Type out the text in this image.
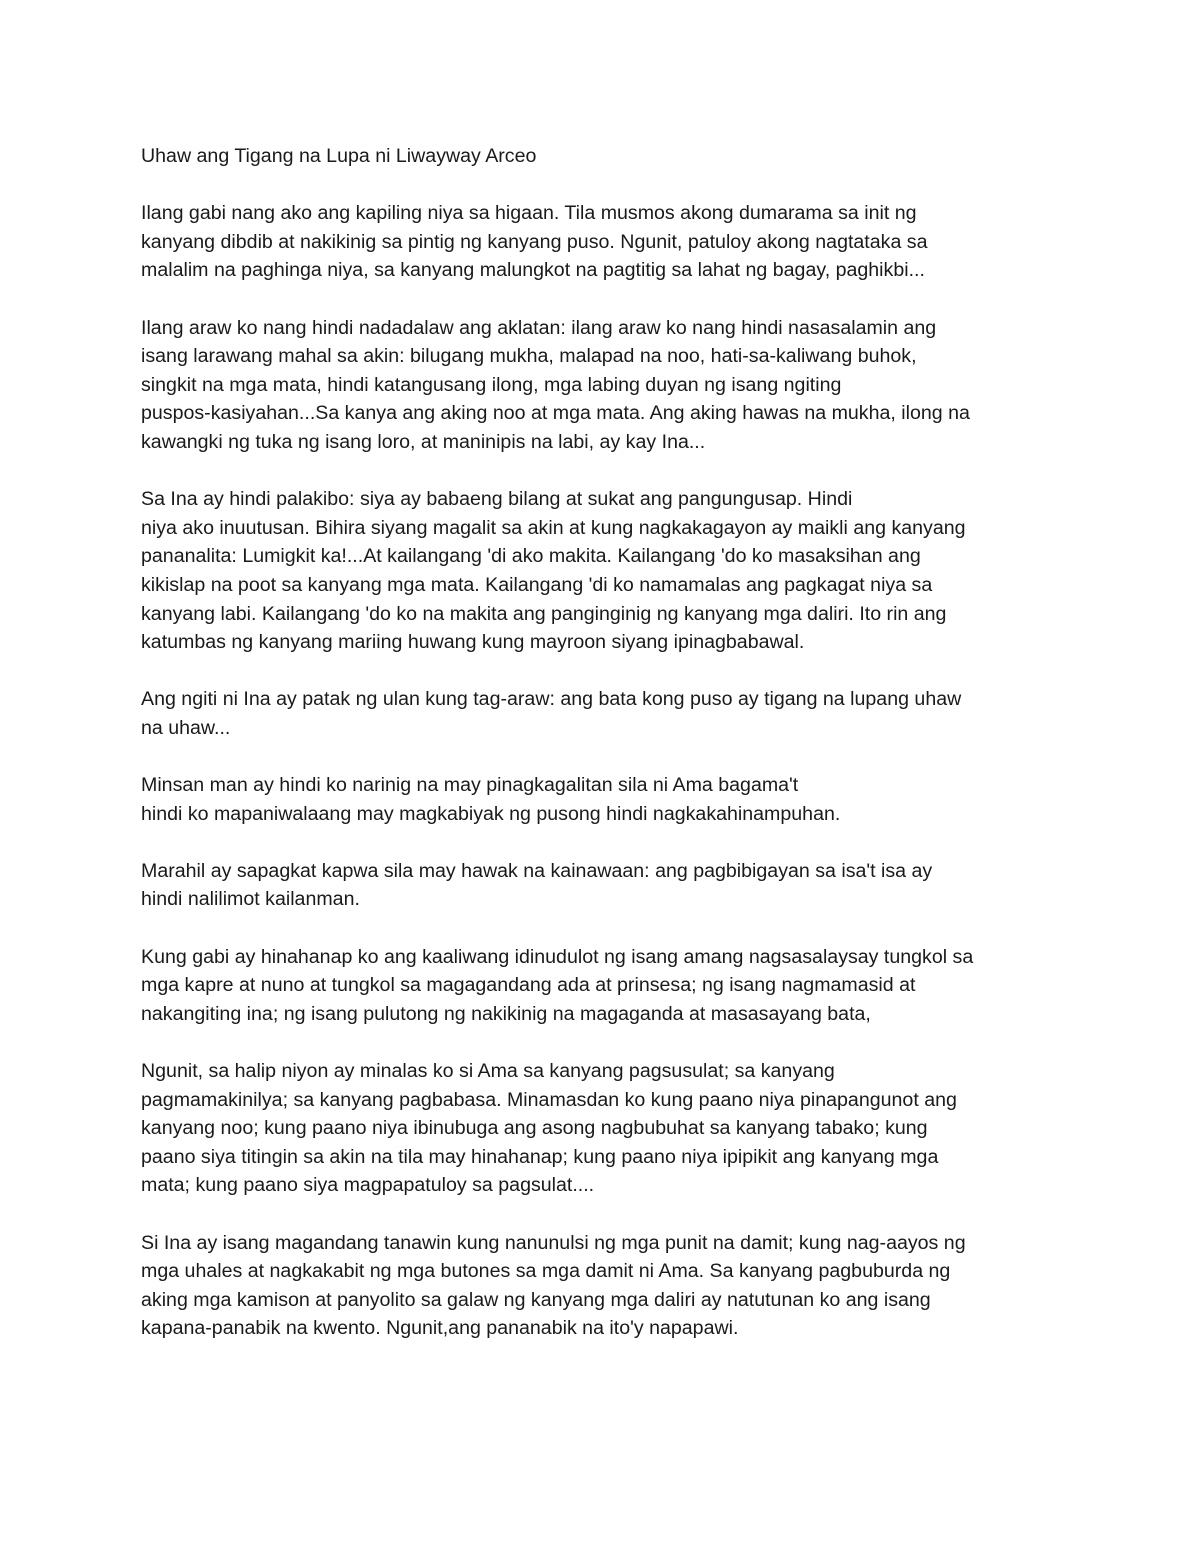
Uhaw ang Tigang na Lupa ni Liwayway Arceo

Ilang gabi nang ako ang kapiling niya sa higaan. Tila musmos akong dumarama sa init ng
kanyang dibdib at nakikinig sa pintig ng kanyang puso. Ngunit, patuloy akong nagtataka sa
malalim na paghinga niya, sa kanyang malungkot na pagtitig sa lahat ng bagay, paghikbi...

Ilang araw ko nang hindi nadadalaw ang aklatan: ilang araw ko nang hindi nasasalamin ang
isang larawang mahal sa akin: bilugang mukha, malapad na noo, hati-sa-kaliwang buhok,
singkit na mga mata, hindi katangusang ilong, mga labing duyan ng isang ngiting
puspos-kasiyahan...Sa kanya ang aking noo at mga mata. Ang aking hawas na mukha, ilong na
kawangki ng tuka ng isang loro, at maninipis na labi, ay kay Ina...

Sa Ina ay hindi palakibo: siya ay babaeng bilang at sukat ang pangungusap. Hindi
niya ako inuutusan. Bihira siyang magalit sa akin at kung nagkakagayon ay maikli ang kanyang
pananalita: Lumigkit ka!...At kailangang 'di ako makita. Kailangang 'do ko masaksihan ang
kikislap na poot sa kanyang mga mata. Kailangang 'di ko namamalas ang pagkagat niya sa
kanyang labi. Kailangang 'do ko na makita ang panginginig ng kanyang mga daliri. Ito rin ang
katumbas ng kanyang mariing huwang kung mayroon siyang ipinagbabawal.

Ang ngiti ni Ina ay patak ng ulan kung tag-araw: ang bata kong puso ay tigang na lupang uhaw
na uhaw...

Minsan man ay hindi ko narinig na may pinagkagalitan sila ni Ama bagama't
hindi ko mapaniwalaang may magkabiyak ng pusong hindi nagkakahinampuhan.

Marahil ay sapagkat kapwa sila may hawak na kainawaan: ang pagbibigayan sa isa't isa ay
hindi nalilimot kailanman.

Kung gabi ay hinahanap ko ang kaaliwang idinudulot ng isang amang nagsasalaysay tungkol sa
mga kapre at nuno at tungkol sa magagandang ada at prinsesa; ng isang nagmamasid at
nakangiting ina; ng isang pulutong ng nakikinig na magaganda at masasayang bata,

Ngunit, sa halip niyon ay minalas ko si Ama sa kanyang pagsusulat; sa kanyang
pagmamakinilya; sa kanyang pagbabasa. Minamasdan ko kung paano niya pinapangunot ang
kanyang noo; kung paano niya ibinubuga ang asong nagbubuhat sa kanyang tabako; kung
paano siya titingin sa akin na tila may hinahanap; kung paano niya ipipikit ang kanyang mga
mata; kung paano siya magpapatuloy sa pagsulat....

Si Ina ay isang magandang tanawin kung nanunulsi ng mga punit na damit; kung nag-aayos ng
mga uhales at nagkakabit ng mga butones sa mga damit ni Ama. Sa kanyang pagbuburda ng
aking mga kamison at panyolito sa galaw ng kanyang mga daliri ay natutunan ko ang isang
kapana-panabik na kwento. Ngunit,ang pananabik na ito'y napapawi.
